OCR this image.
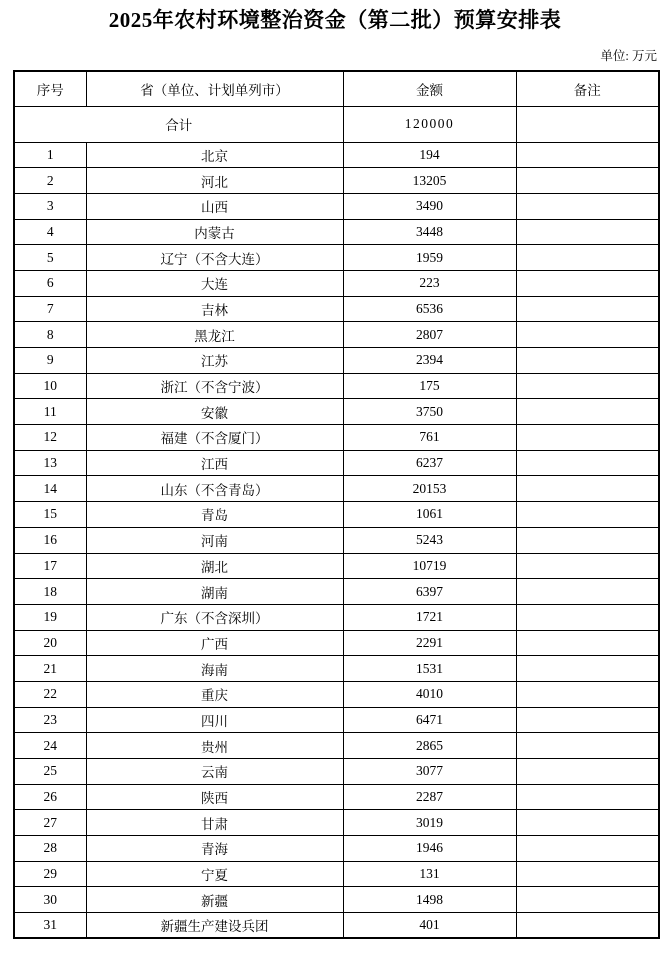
2025年农村环境整治资金（第二批）预算安排表
单位: 万元
序号	省（单位、计划单列市）	金额	备注
合计		120000	
1	北京	194	
2	河北	13205	
3	山西	3490	
4	内蒙古	3448	
5	辽宁（不含大连）	1959	
6	大连	223	
7	吉林	6536	
8	黑龙江	2807	
9	江苏	2394	
10	浙江（不含宁波）	175	
11	安徽	3750	
12	福建（不含厦门）	761	
13	江西	6237	
14	山东（不含青岛）	20153	
15	青岛	1061	
16	河南	5243	
17	湖北	10719	
18	湖南	6397	
19	广东（不含深圳）	1721	
20	广西	2291	
21	海南	1531	
22	重庆	4010	
23	四川	6471	
24	贵州	2865	
25	云南	3077	
26	陕西	2287	
27	甘肃	3019	
28	青海	1946	
29	宁夏	131	
30	新疆	1498	
31	新疆生产建设兵团	401	
